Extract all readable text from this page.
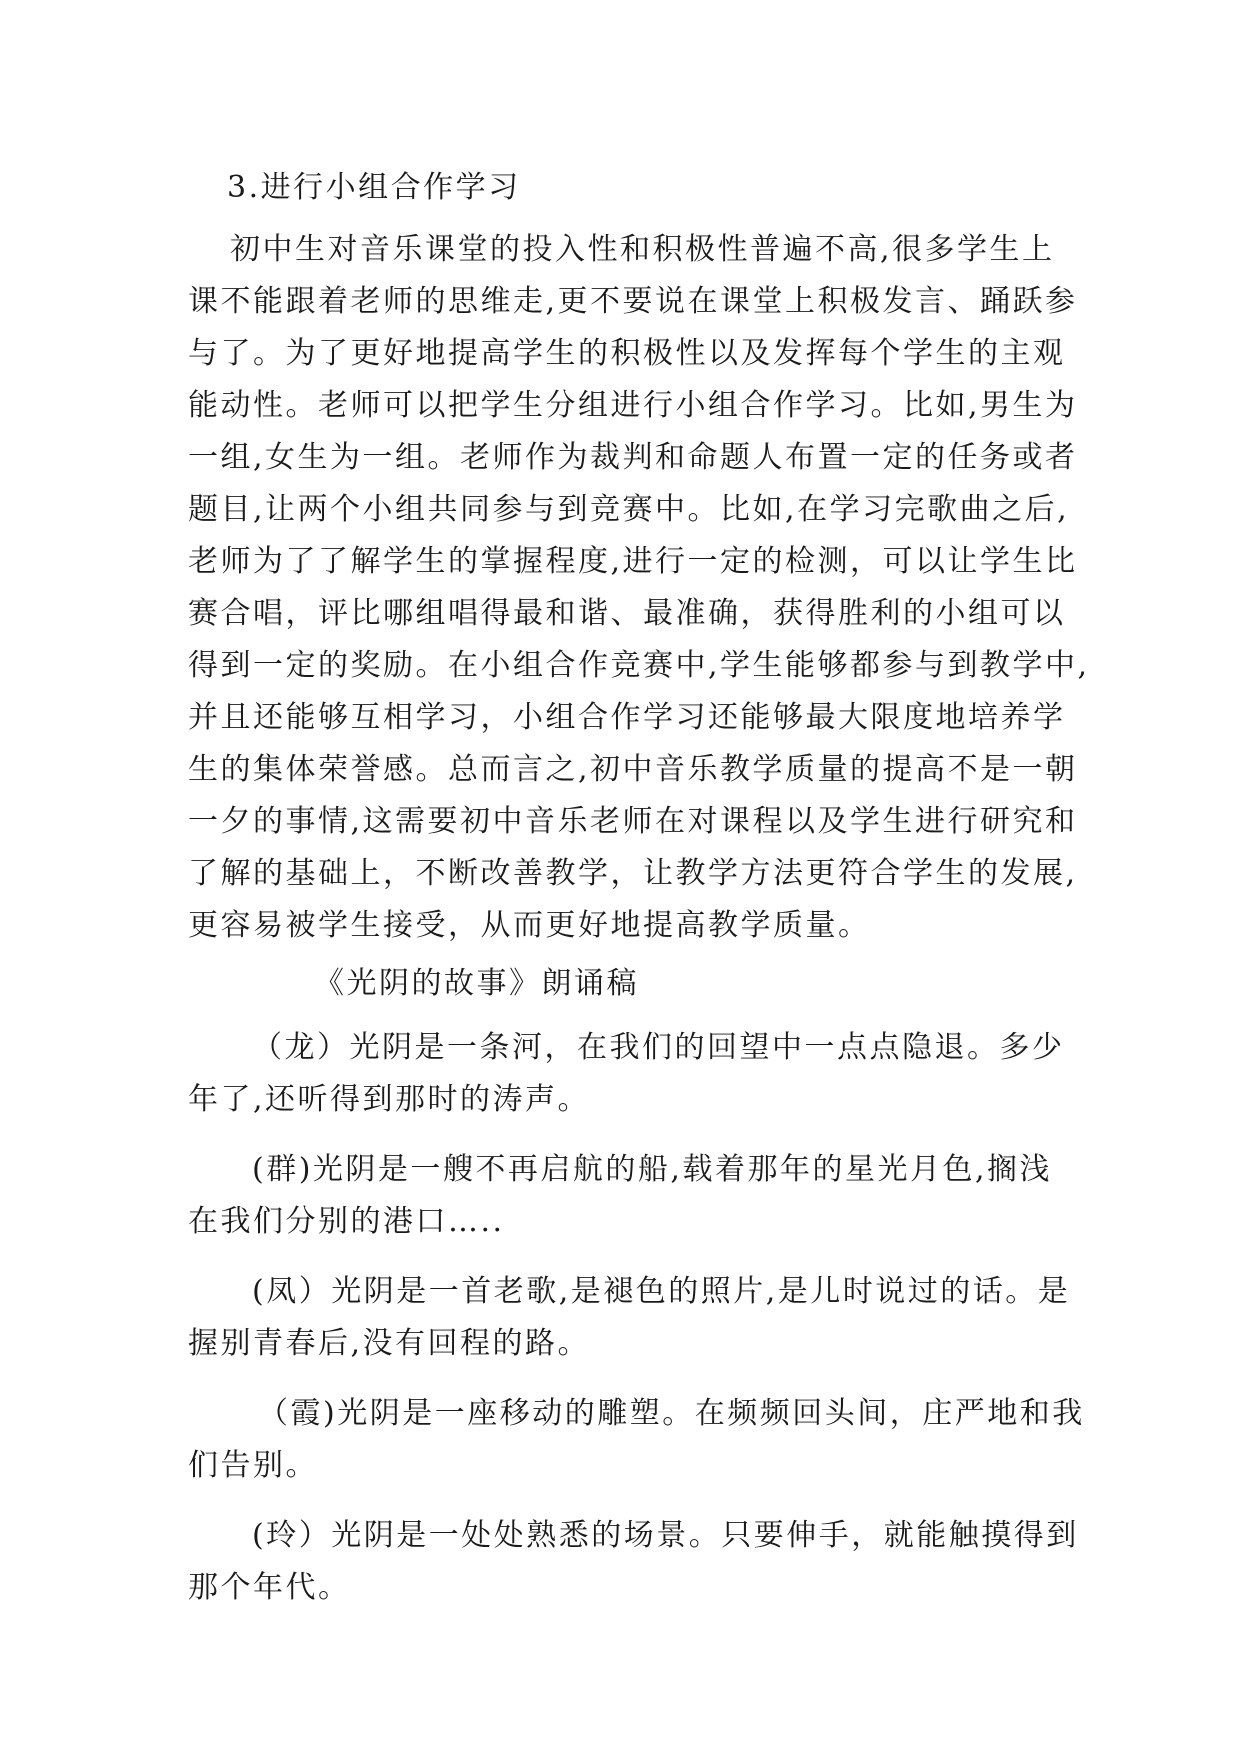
3.进行小组合作学习
初中生对音乐课堂的投入性和积极性普遍不高,很多学生上
课不能跟着老师的思维走,更不要说在课堂上积极发言、踊跃参
与了。为了更好地提高学生的积极性以及发挥每个学生的主观
能动性。老师可以把学生分组进行小组合作学习。比如,男生为
一组,女生为一组。老师作为裁判和命题人布置一定的任务或者
题目,让两个小组共同参与到竞赛中。比如,在学习完歌曲之后,
老师为了了解学生的掌握程度,进行一定的检测，可以让学生比
赛合唱，评比哪组唱得最和谐、最准确，获得胜利的小组可以
得到一定的奖励。在小组合作竞赛中,学生能够都参与到教学中,
并且还能够互相学习，小组合作学习还能够最大限度地培养学
生的集体荣誉感。总而言之,初中音乐教学质量的提高不是一朝
一夕的事情,这需要初中音乐老师在对课程以及学生进行研究和
了解的基础上，不断改善教学，让教学方法更符合学生的发展,
更容易被学生接受，从而更好地提高教学质量。
《光阴的故事》朗诵稿
（龙）光阴是一条河，在我们的回望中一点点隐退。多少
年了,还听得到那时的涛声。
(群)光阴是一艘不再启航的船,载着那年的星光月色,搁浅
在我们分别的港口…..
(凤）光阴是一首老歌,是褪色的照片,是儿时说过的话。是
握别青春后,没有回程的路。
（霞)光阴是一座移动的雕塑。在频频回头间，庄严地和我
们告别。
(玲）光阴是一处处熟悉的场景。只要伸手，就能触摸得到
那个年代。
